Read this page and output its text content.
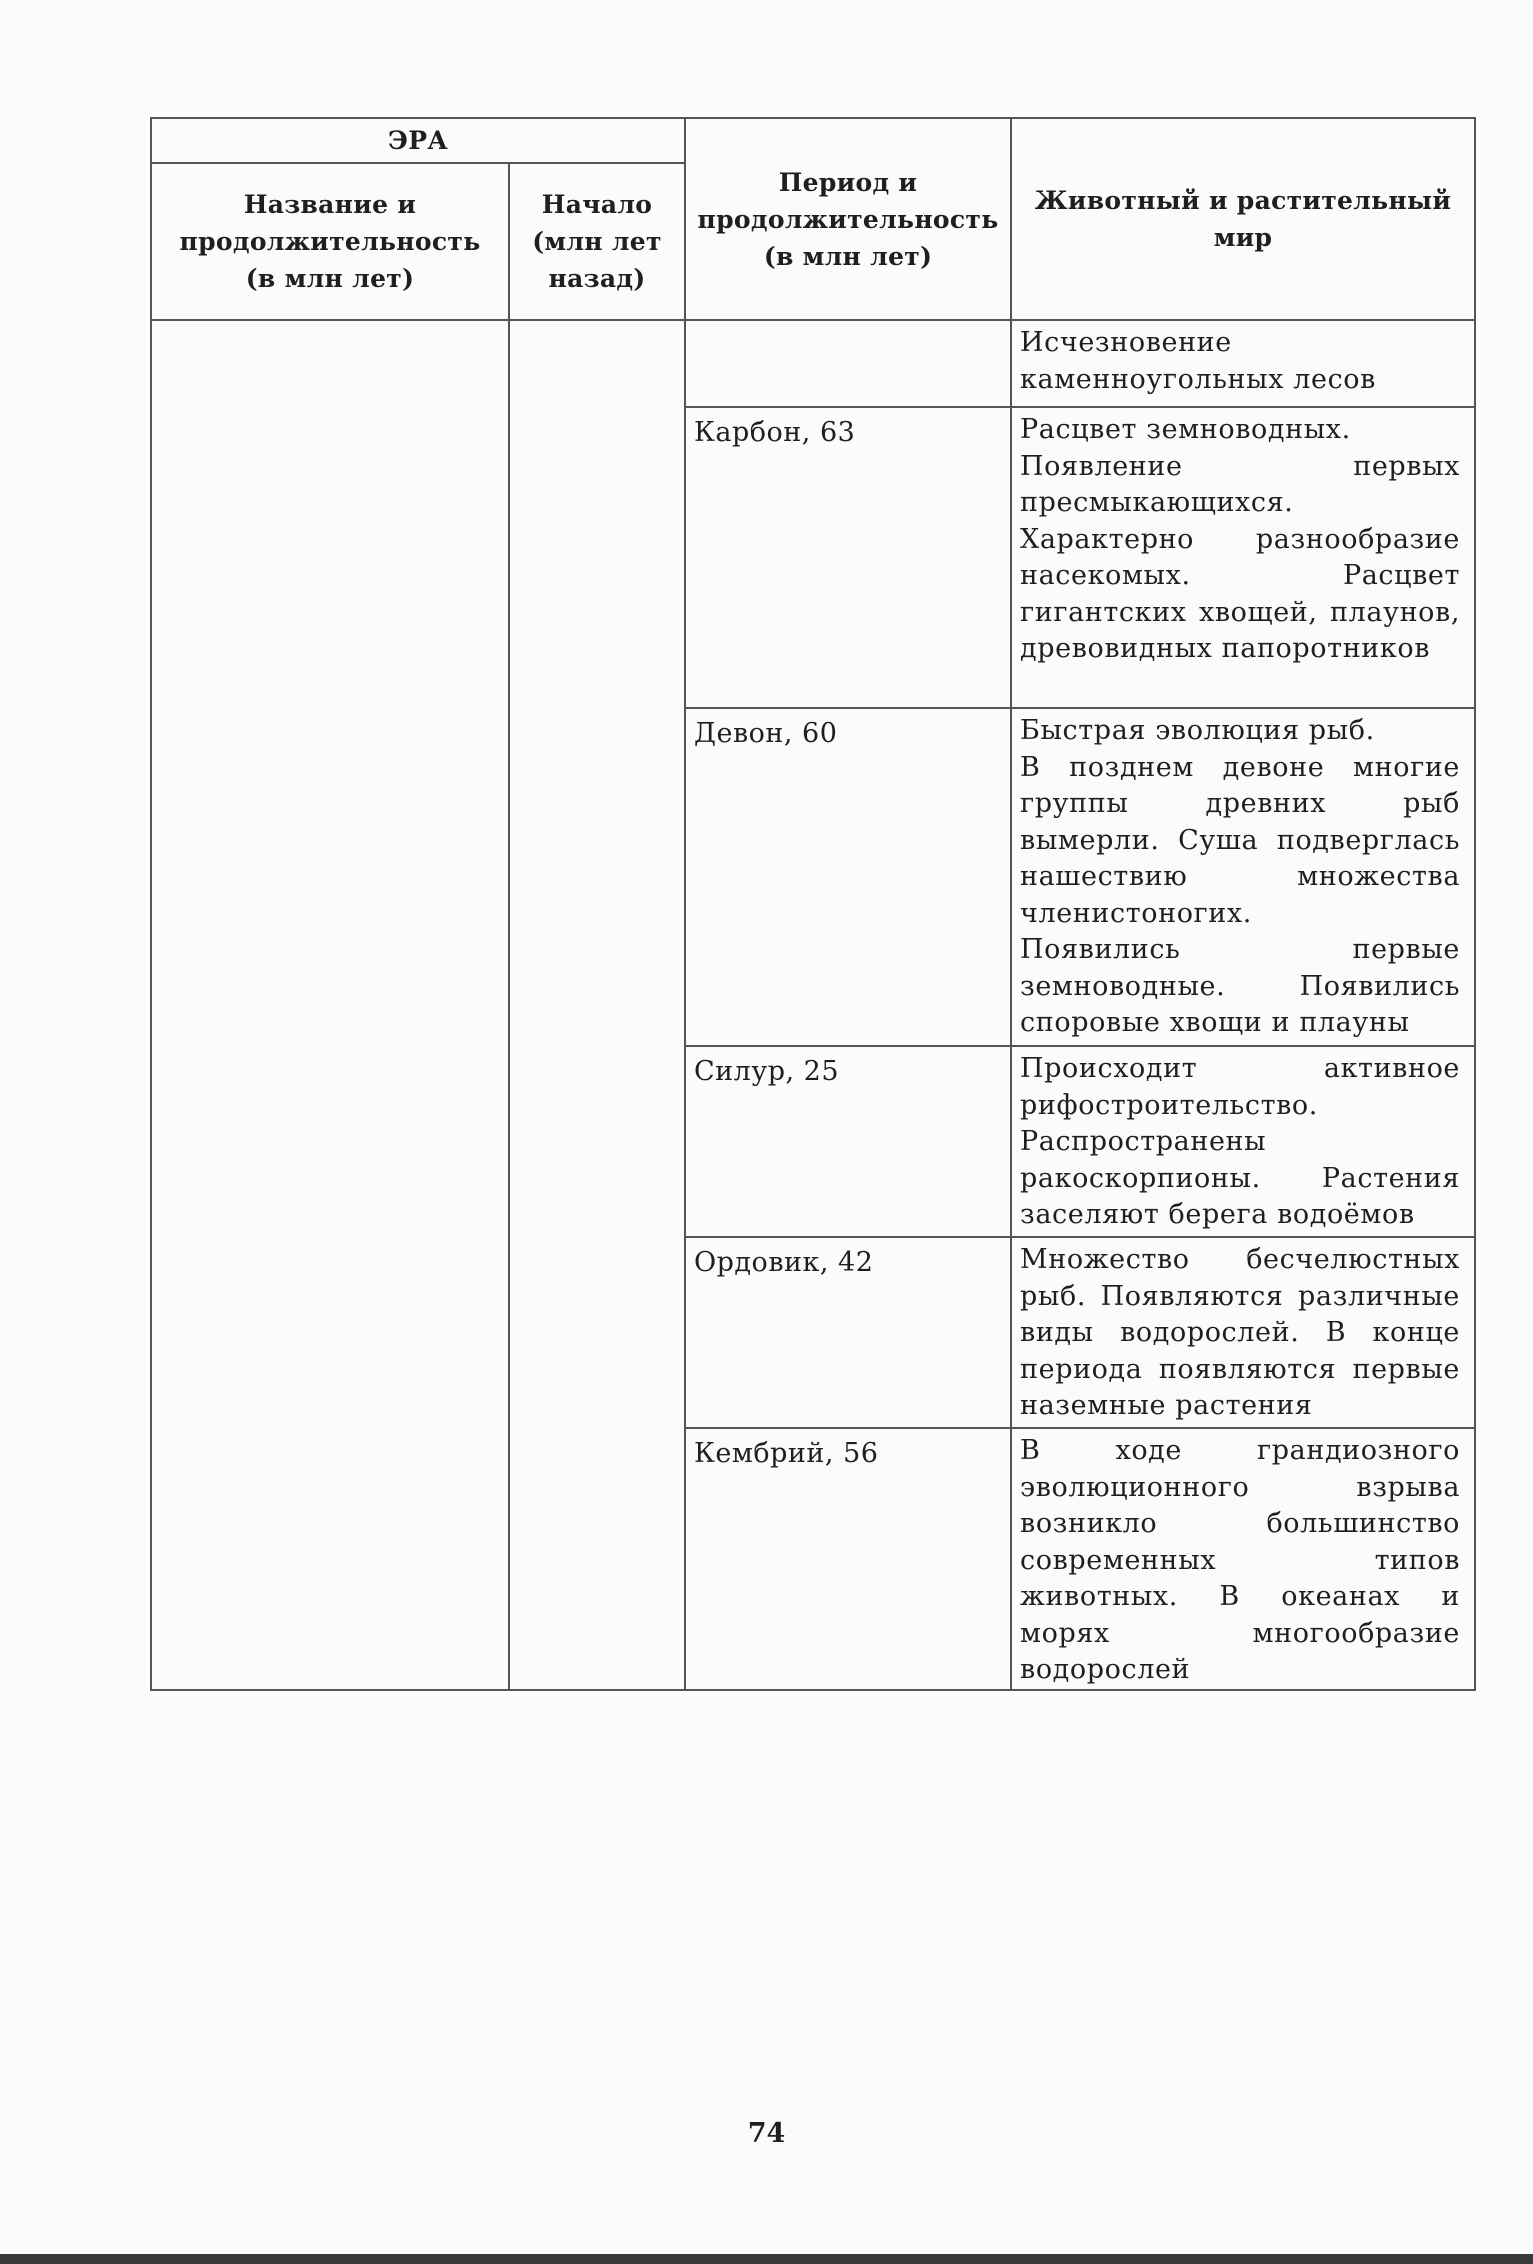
ЭРА		Период и продолжительность (в млн лет)	Животный и растительный мир

Название и продолжительность (в млн лет)	Начало (млн лет назад)		

			Исчезновение каменноугольных лесов

		Карбон, 63	Расцвет земноводных.

Появление первых пресмыкающихся.

Характерно разнообразие насекомых. Расцвет гигантских хвощей, плаунов, древовидных папоротников

		Девон, 60	Быстрая эволюция рыб.

В позднем девоне многие группы древних рыб вымерли. Суша подверглась нашествию множества членистоногих.

Появились первые земноводные. Появились споровые хвощи и плауны

		Силур, 25	Происходит активное рифостроительство.

Распространены ракоскорпионы. Растения заселяют берега водоёмов

		Ордовик, 42	Множество бесчелюстных рыб. Появляются различные виды водорослей. В конце периода появляются первые наземные растения

		Кембрий, 56	В ходе грандиозного эволюционного взрыва возникло большинство современных типов животных. В океанах и морях многообразие водорослей

74
